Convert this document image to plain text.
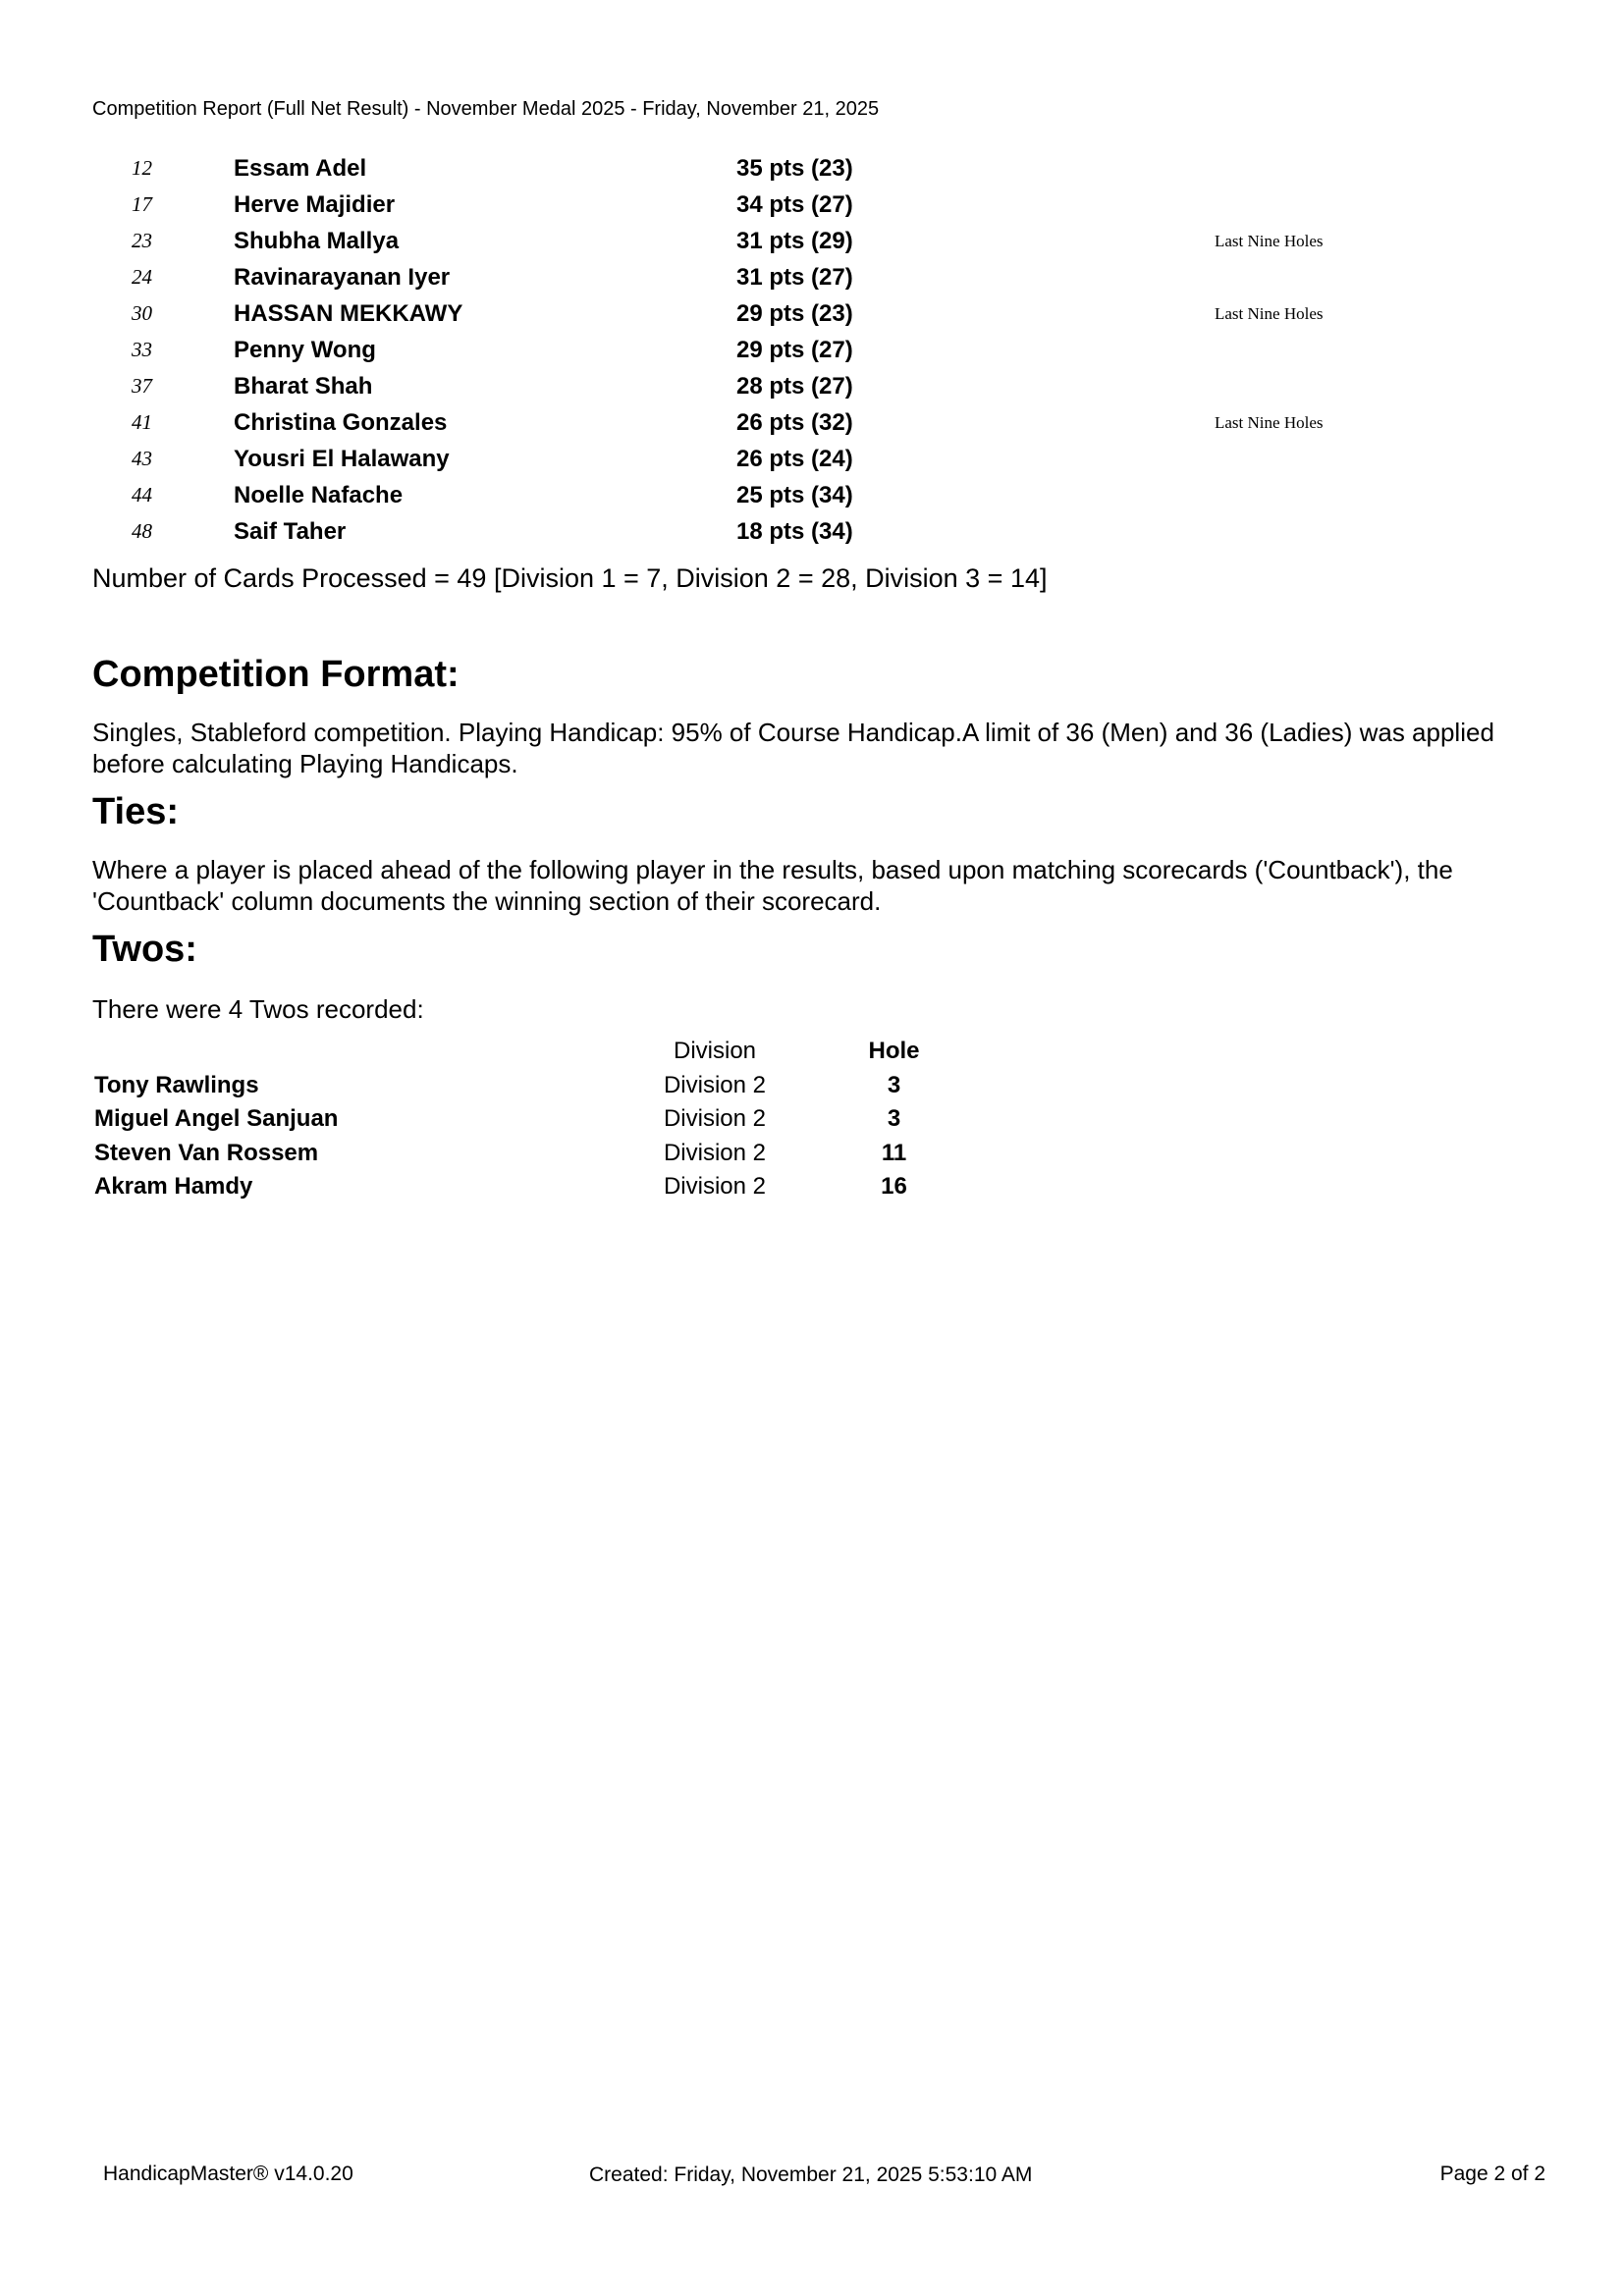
Competition Report (Full Net Result) - November Medal 2025 - Friday, November 21, 2025
12	Essam Adel	35 pts (23)	
17	Herve Majidier	34 pts (27)	
23	Shubha Mallya	31 pts (29)	Last Nine Holes
24	Ravinarayanan Iyer	31 pts (27)	
30	HASSAN MEKKAWY	29 pts (23)	Last Nine Holes
33	Penny Wong	29 pts (27)	
37	Bharat Shah	28 pts (27)	
41	Christina Gonzales	26 pts (32)	Last Nine Holes
43	Yousri El Halawany	26 pts (24)	
44	Noelle Nafache	25 pts (34)	
48	Saif Taher	18 pts (34)	
Number of Cards Processed = 49 [Division 1 = 7, Division 2 = 28, Division 3 = 14]
Competition Format:

Singles, Stableford competition. Playing Handicap: 95% of Course Handicap.A limit of 36 (Men) and 36 (Ladies) was applied before calculating Playing Handicaps.

Ties:

Where a player is placed ahead of the following player in the results, based upon matching scorecards ('Countback'), the 'Countback' column documents the winning section of their scorecard.

Twos:

There were 4 Twos recorded:

	Division	Hole
Tony Rawlings	Division 2	3
Miguel Angel Sanjuan	Division 2	3
Steven Van Rossem	Division 2	11
Akram Hamdy	Division 2	16
HandicapMaster® v14.0.20	Created: Friday, November 21, 2025 5:53:10 AM	Page 2 of 2
